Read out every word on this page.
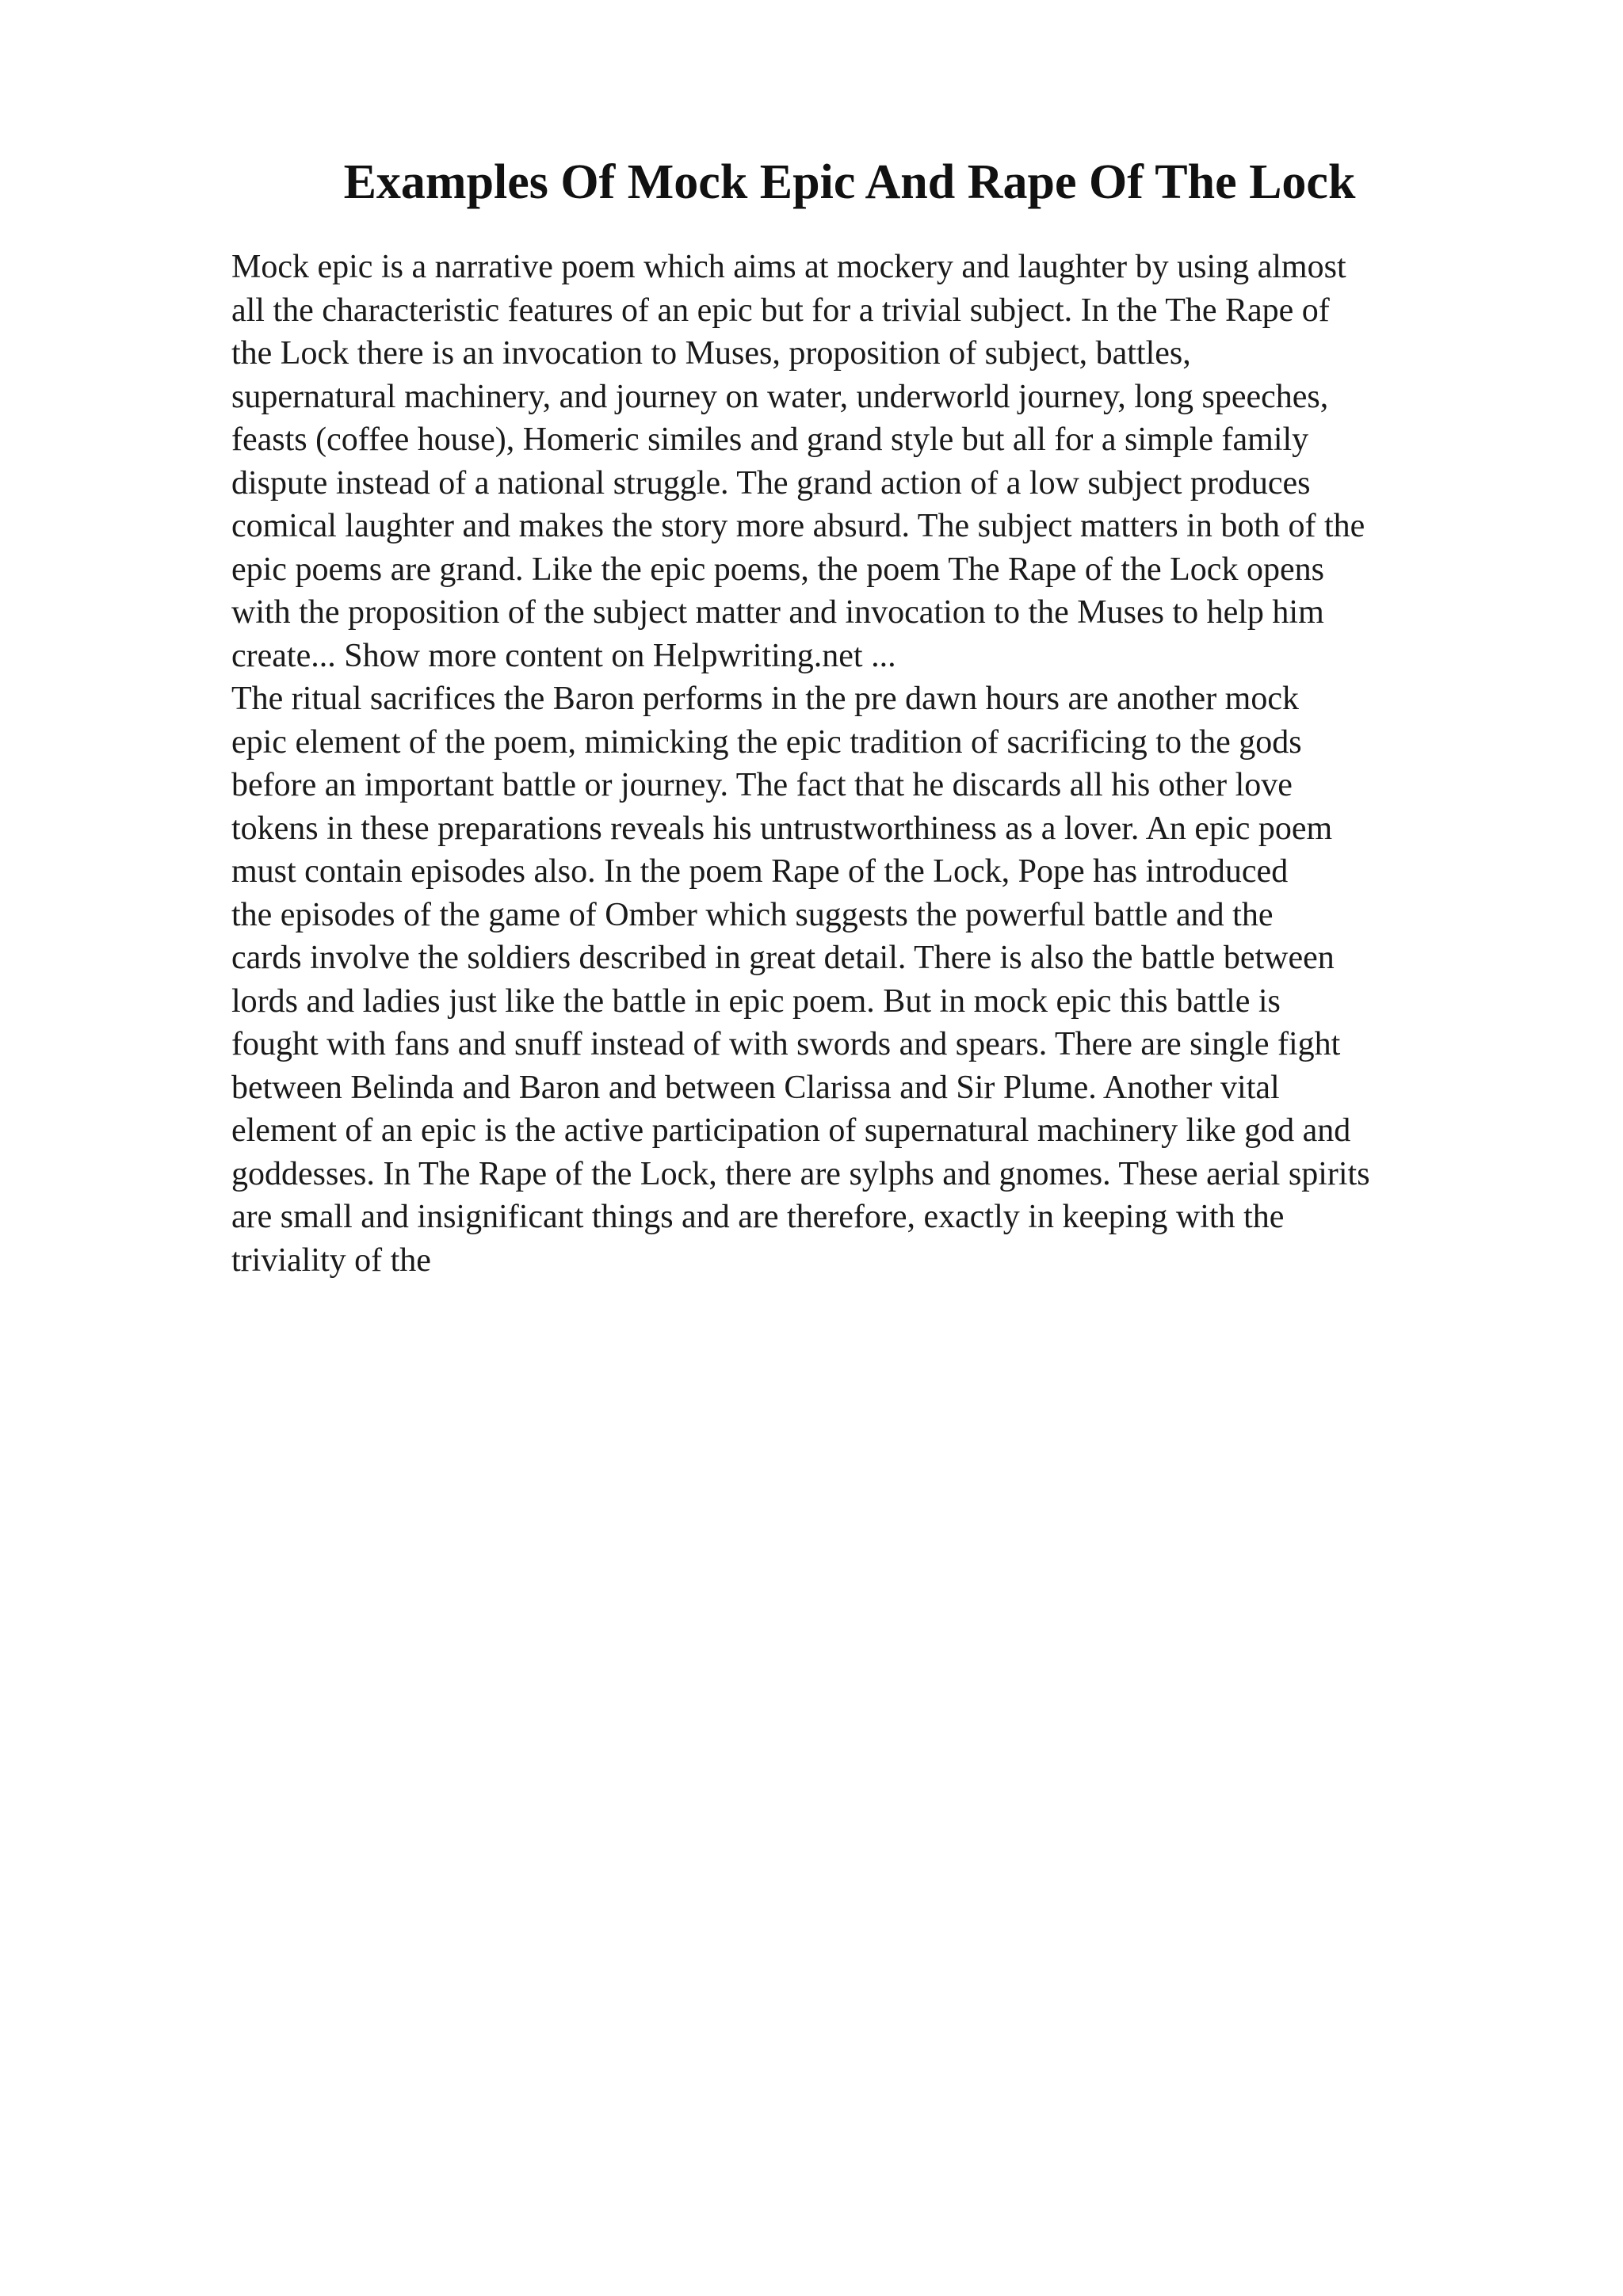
Examples Of Mock Epic And Rape Of The Lock
Mock epic is a narrative poem which aims at mockery and laughter by using almost
all the characteristic features of an epic but for a trivial subject. In the The Rape of
the Lock there is an invocation to Muses, proposition of subject, battles,
supernatural machinery, and journey on water, underworld journey, long speeches,
feasts (coffee house), Homeric similes and grand style but all for a simple family
dispute instead of a national struggle. The grand action of a low subject produces
comical laughter and makes the story more absurd. The subject matters in both of the
epic poems are grand. Like the epic poems, the poem The Rape of the Lock opens
with the proposition of the subject matter and invocation to the Muses to help him
create... Show more content on Helpwriting.net ...
The ritual sacrifices the Baron performs in the pre dawn hours are another mock
epic element of the poem, mimicking the epic tradition of sacrificing to the gods
before an important battle or journey. The fact that he discards all his other love
tokens in these preparations reveals his untrustworthiness as a lover. An epic poem
must contain episodes also. In the poem Rape of the Lock, Pope has introduced
the episodes of the game of Omber which suggests the powerful battle and the
cards involve the soldiers described in great detail. There is also the battle between
lords and ladies just like the battle in epic poem. But in mock epic this battle is
fought with fans and snuff instead of with swords and spears. There are single fight
between Belinda and Baron and between Clarissa and Sir Plume. Another vital
element of an epic is the active participation of supernatural machinery like god and
goddesses. In The Rape of the Lock, there are sylphs and gnomes. These aerial spirits
are small and insignificant things and are therefore, exactly in keeping with the
triviality of the
